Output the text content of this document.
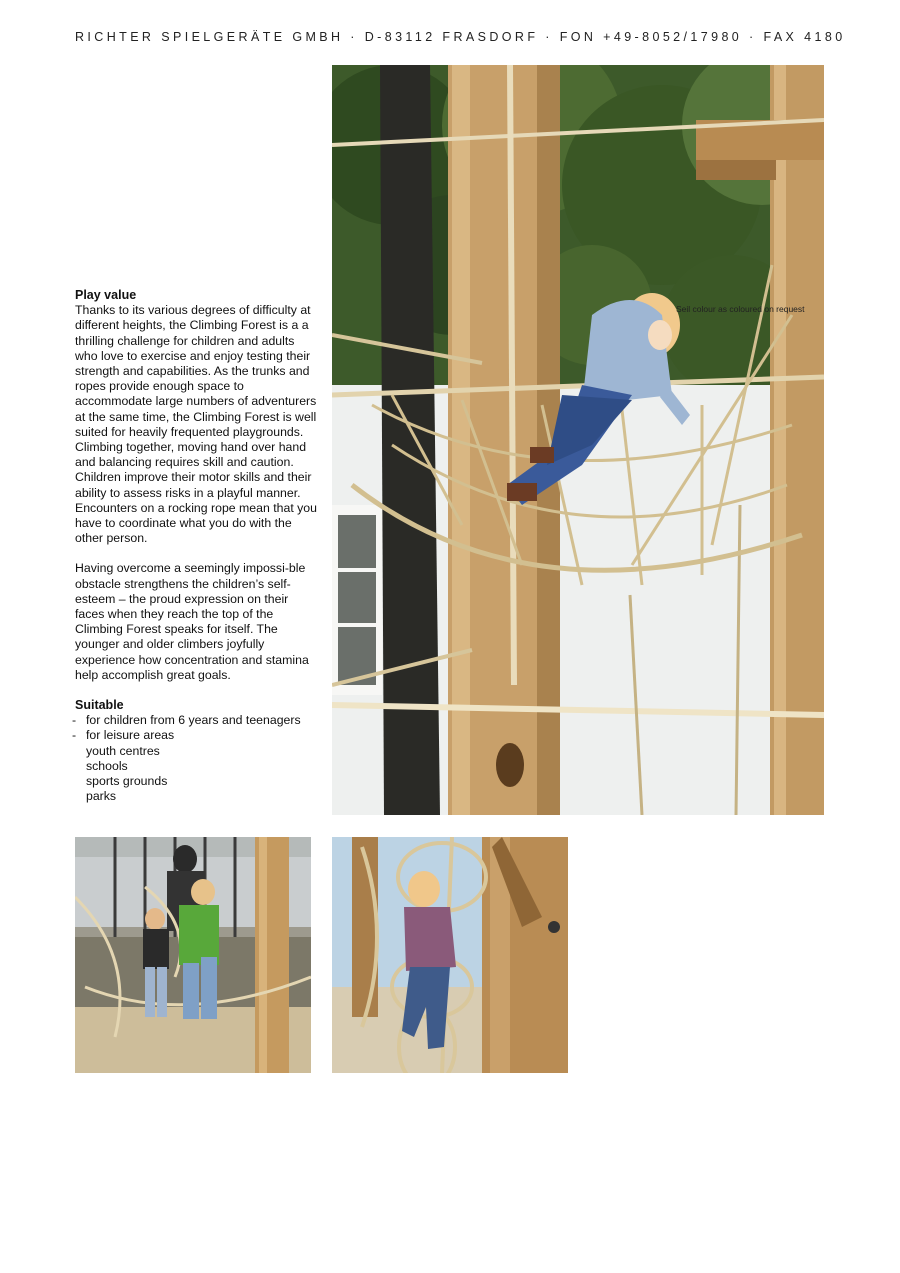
RICHTER SPIELGERÄTE GMBH · D-83112 FRASDORF · FON +49-8052/17980 · FAX 4180
Play value

Thanks to its various degrees of difficulty at different heights, the Climbing Forest is a a thrilling challenge for children and adults who love to exercise and enjoy testing their strength and capabilities. As the trunks and ropes provide enough space to accommodate large numbers of adventurers at the same time, the Climbing Forest is well suited for heavily frequented playgrounds.

Climbing together, moving hand over hand and balancing requires skill and caution. Children improve their motor skills and their ability to assess risks in a playful manner. Encounters on a rocking rope mean that you have to coordinate what you do with the other person.

Having overcome a seemingly impossi-ble obstacle strengthens the children’s self-esteem – the proud expression on their faces when they reach the top of the Climbing Forest speaks for itself. The younger and older climbers joyfully experience how concentration and stamina help accomplish great goals.

Suitable
- for children from 6 years and teenagers
- for leisure areas
youth centres
schools
sports grounds
parks
Seil colour as coloured on request
